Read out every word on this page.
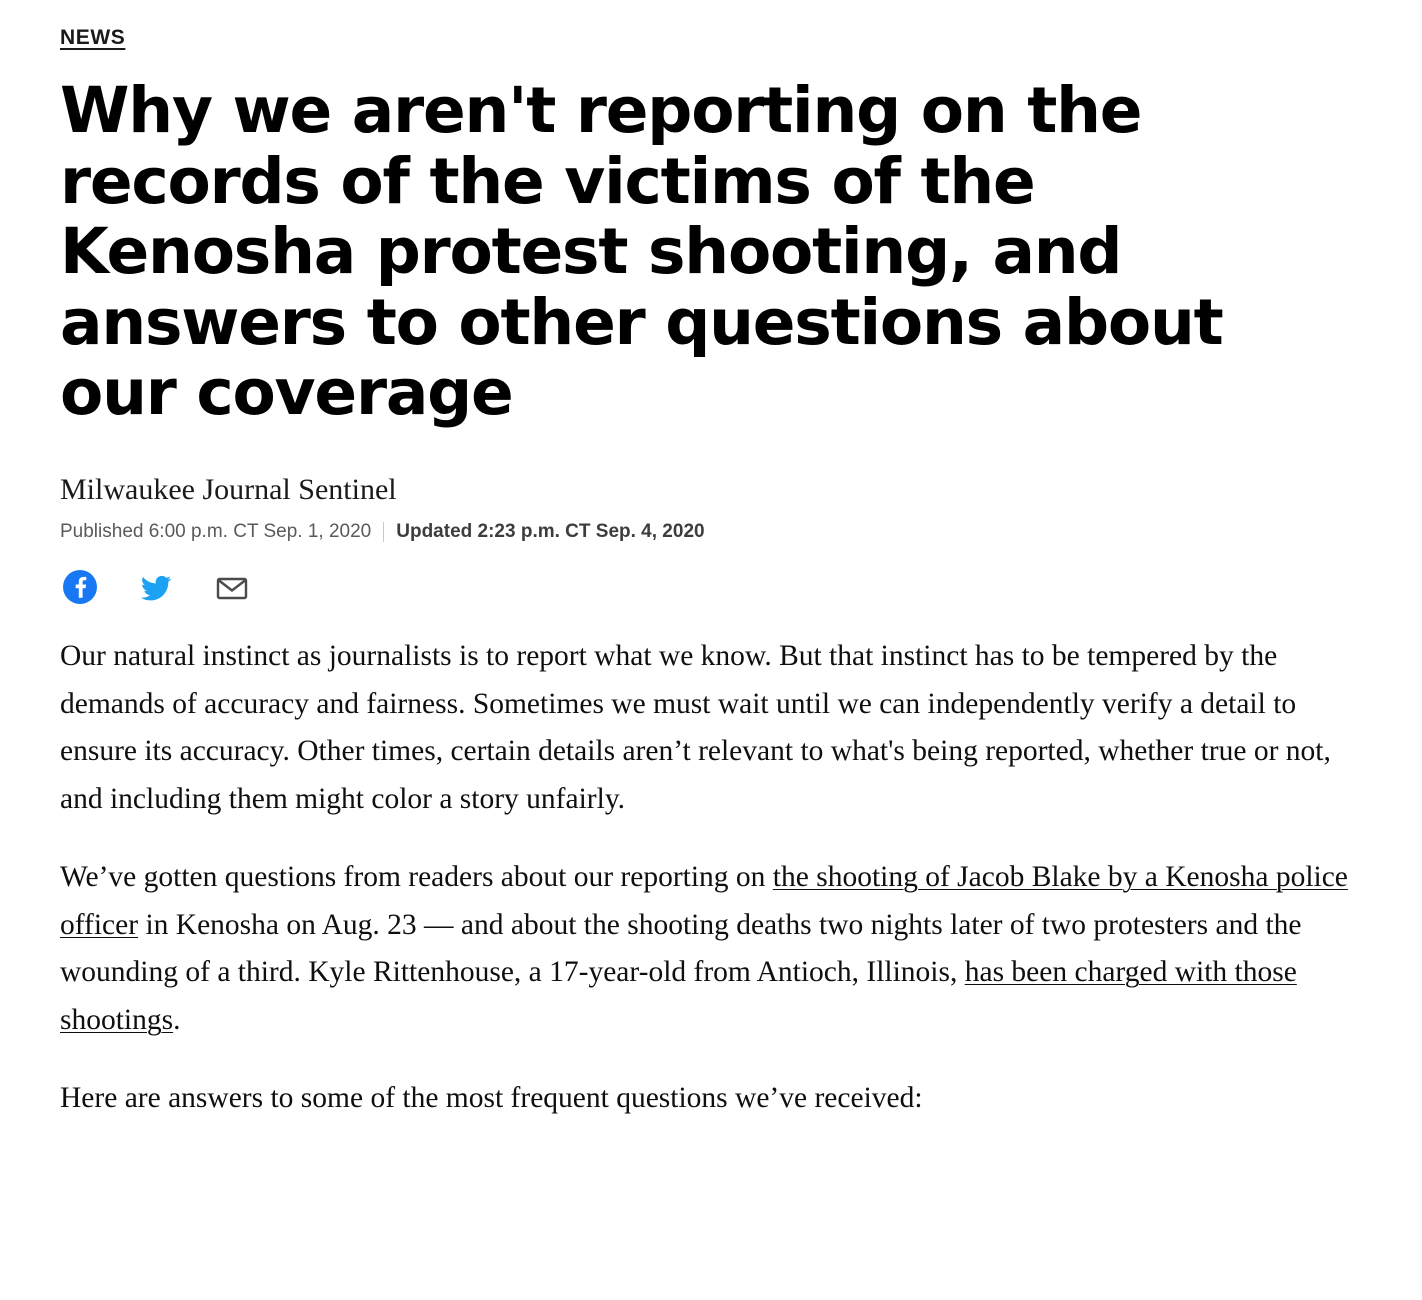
NEWS
Why we aren't reporting on the records of the victims of the Kenosha protest shooting, and answers to other questions about our coverage
Milwaukee Journal Sentinel
Published 6:00 p.m. CT Sep. 1, 2020 Updated 2:23 p.m. CT Sep. 4, 2020

Our natural instinct as journalists is to report what we know. But that instinct has to be tempered by the demands of accuracy and fairness. Sometimes we must wait until we can independently verify a detail to ensure its accuracy. Other times, certain details aren’t relevant to what's being reported, whether true or not, and including them might color a story unfairly.

We’ve gotten questions from readers about our reporting on the shooting of Jacob Blake by a Kenosha police officer in Kenosha on Aug. 23 — and about the shooting deaths two nights later of two protesters and the wounding of a third. Kyle Rittenhouse, a 17-year-old from Antioch, Illinois, has been charged with those shootings.

Here are answers to some of the most frequent questions we’ve received:
